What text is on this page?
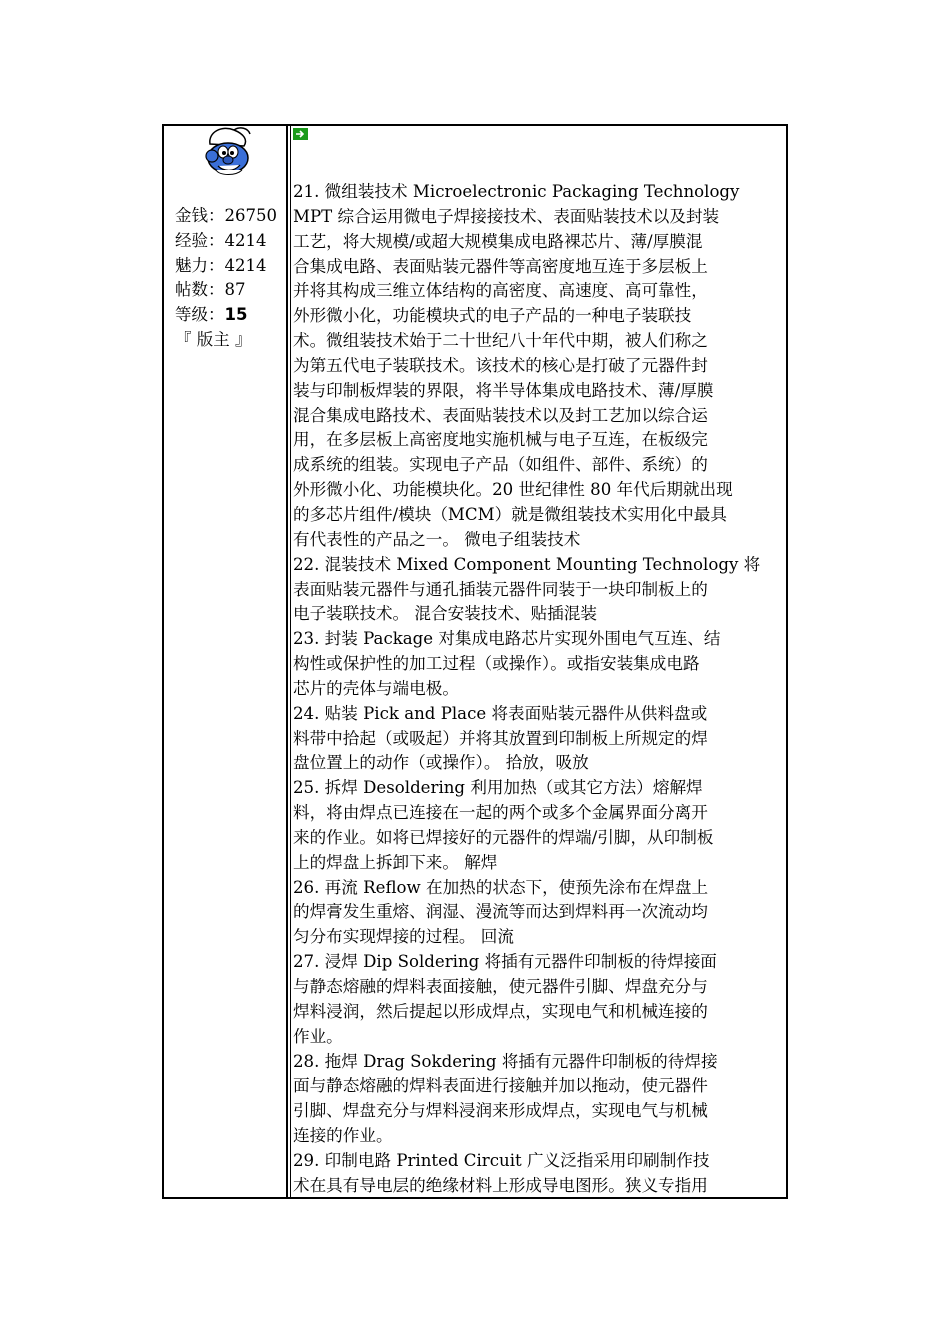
金钱：26750
经验：4214
魅力：4214
帖数：87
等级：15
『 版主 』
21. 微组装技术 Microelectronic Packaging Technology
MPT 综合运用微电子焊接接技术、表面贴装技术以及封装
工艺，将大规模/或超大规模集成电路裸芯片、薄/厚膜混
合集成电路、表面贴装元器件等高密度地互连于多层板上
并将其构成三维立体结构的高密度、高速度、高可靠性，
外形微小化，功能模块式的电子产品的一种电子装联技
术。微组装技术始于二十世纪八十年代中期，被人们称之
为第五代电子装联技术。该技术的核心是打破了元器件封
装与印制板焊装的界限，将半导体集成电路技术、薄/厚膜
混合集成电路技术、表面贴装技术以及封工艺加以综合运
用，在多层板上高密度地实施机械与电子互连，在板级完
成系统的组装。实现电子产品（如组件、部件、系统）的
外形微小化、功能模块化。20 世纪律性 80 年代后期就出现
的多芯片组件/模块（MCM）就是微组装技术实用化中最具
有代表性的产品之一。 微电子组装技术
22. 混装技术 Mixed Component Mounting Technology 将
表面贴装元器件与通孔插装元器件同装于一块印制板上的
电子装联技术。 混合安装技术、贴插混装
23. 封装 Package 对集成电路芯片实现外围电气互连、结
构性或保护性的加工过程（或操作）。或指安装集成电路
芯片的壳体与端电极。
24. 贴装 Pick and Place 将表面贴装元器件从供料盘或
料带中拾起（或吸起）并将其放置到印制板上所规定的焊
盘位置上的动作（或操作）。 拾放，吸放
25. 拆焊 Desoldering 利用加热（或其它方法）熔解焊
料，将由焊点已连接在一起的两个或多个金属界面分离开
来的作业。如将已焊接好的元器件的焊端/引脚，从印制板
上的焊盘上拆卸下来。 解焊
26. 再流 Reflow 在加热的状态下，使预先涂布在焊盘上
的焊膏发生重熔、润湿、漫流等而达到焊料再一次流动均
匀分布实现焊接的过程。 回流
27. 浸焊 Dip Soldering 将插有元器件印制板的待焊接面
与静态熔融的焊料表面接触，使元器件引脚、焊盘充分与
焊料浸润，然后提起以形成焊点，实现电气和机械连接的
作业。
28. 拖焊 Drag Sokdering 将插有元器件印制板的待焊接
面与静态熔融的焊料表面进行接触并加以拖动，使元器件
引脚、焊盘充分与焊料浸润来形成焊点，实现电气与机械
连接的作业。
29. 印制电路 Printed Circuit 广义泛指采用印刷制作技
术在具有导电层的绝缘材料上形成导电图形。狭义专指用
